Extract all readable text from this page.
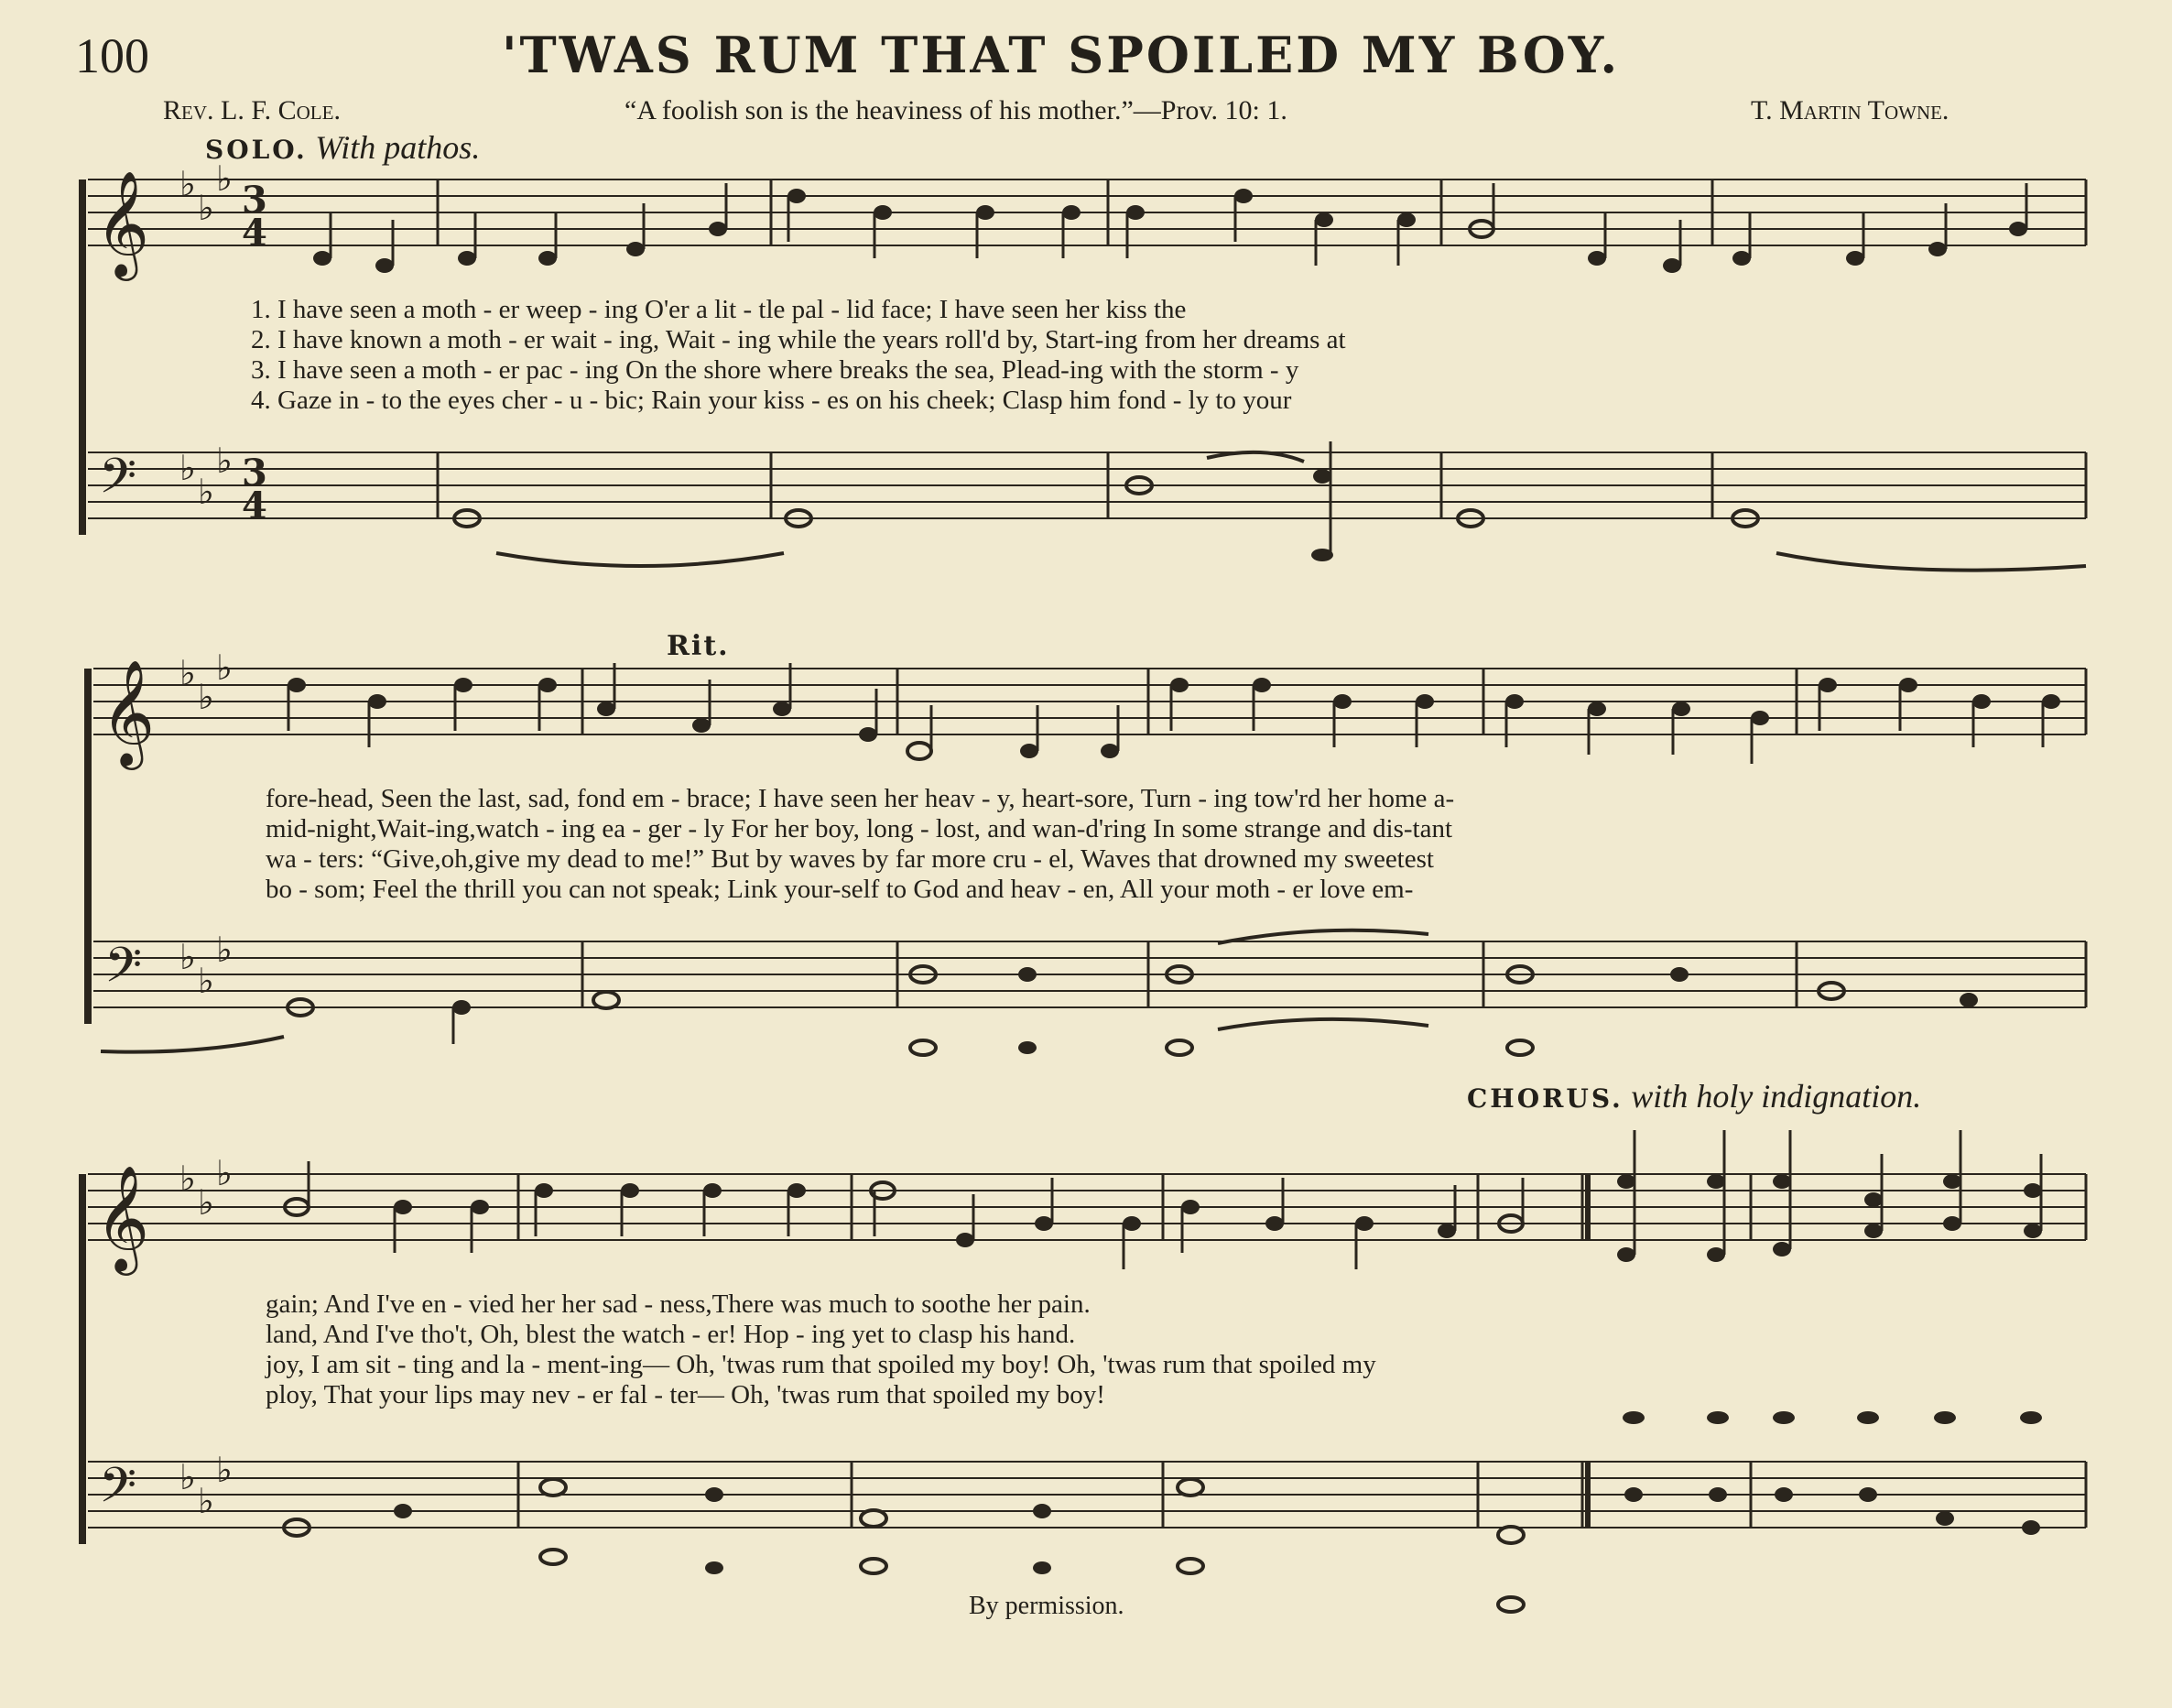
100	'TWAS RUM THAT SPOILED MY BOY.
Rev. L. F. Cole.	“A foolish son is the heaviness of his mother.”—Prov. 10: 1.	T. Martin Towne.
SOLO. With pathos.
Rit.
CHORUS. with holy indignation.
𝄞
𝄢
♭
♭
♭
♭
♭
♭
3
4
3
4
𝄞
𝄢
♭
♭
♭
♭
♭
♭
𝄞
𝄢
♭
♭
♭
♭
♭
♭
1. I have seen a moth - er weep - ing O'er a lit - tle pal - lid face; I have seen her kiss the
2. I have known a moth - er wait - ing, Wait - ing while the years roll'd by, Start-ing from her dreams at
3. I have seen a moth - er pac - ing On the shore where breaks the sea, Plead-ing with the storm - y
4. Gaze in - to the eyes cher - u - bic; Rain your kiss - es on his cheek; Clasp him fond - ly to your
fore-head, Seen the last, sad, fond em - brace; I have seen her heav - y, heart-sore, Turn - ing tow'rd her home a-
mid-night,Wait-ing,watch - ing ea - ger - ly For her boy, long - lost, and wan-d'ring In some strange and dis-tant
wa - ters: “Give,oh,give my dead to me!” But by waves by far more cru - el, Waves that drowned my sweetest
bo - som; Feel the thrill you can not speak; Link your-self to God and heav - en, All your moth - er love em-
gain; And I've en - vied her her sad - ness,There was much to soothe her pain.
land, And I've tho't, Oh, blest the watch - er! Hop - ing yet to clasp his hand.
joy, I am sit - ting and la - ment-ing— Oh, 'twas rum that spoiled my boy! Oh, 'twas rum that spoiled my
ploy, That your lips may nev - er fal - ter— Oh, 'twas rum that spoiled my boy!
By permission.
